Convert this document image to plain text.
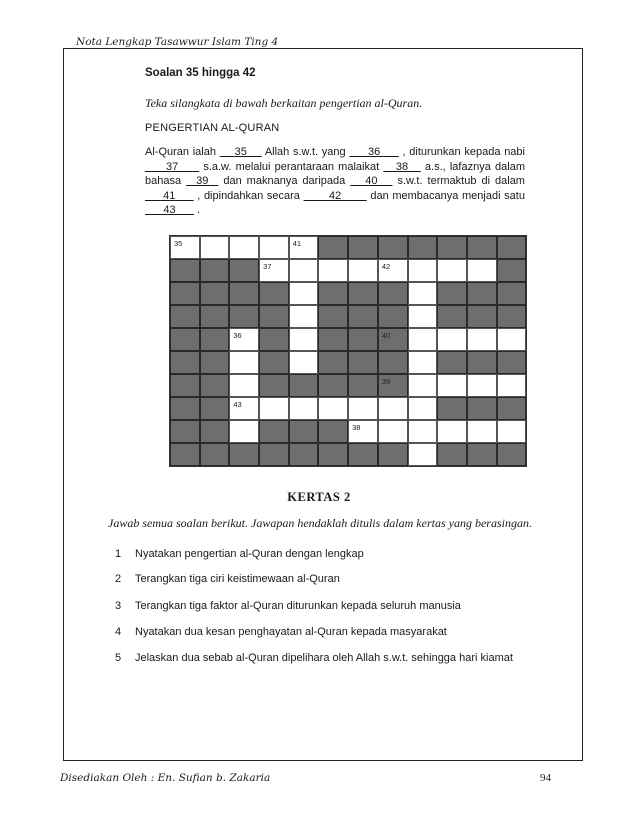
Nota Lengkap Tasawwur Islam Ting 4
Soalan 35 hingga 42
Teka silangkata di bawah berkaitan pengertian al-Quran.
PENGERTIAN AL-QURAN
Al-Quran ialah     35     Allah s.w.t. yang      36      , diturunkan kepada nabi      37      s.a.w. melalui perantaraan malaikat    38    a.s., lafaznya dalam bahasa   39   dan maknanya daripada    40    s.w.t. termaktub di dalam      41      , dipindahkan secara        42        dan membacanya menjadi satu       43       .
35	41
37	42
36	40
39
43
38
KERTAS 2
Jawab semua soalan berikut. Jawapan hendaklah ditulis dalam kertas yang berasingan.
1 Nyatakan pengertian al-Quran dengan lengkap
2 Terangkan tiga ciri keistimewaan al-Quran
3 Terangkan tiga faktor al-Quran diturunkan kepada seluruh manusia
4 Nyatakan dua kesan penghayatan al-Quran kepada masyarakat
5 Jelaskan dua sebab al-Quran dipelihara oleh Allah s.w.t. sehingga hari kiamat
Disediakan Oleh : En. Sufian b. Zakaria	94
